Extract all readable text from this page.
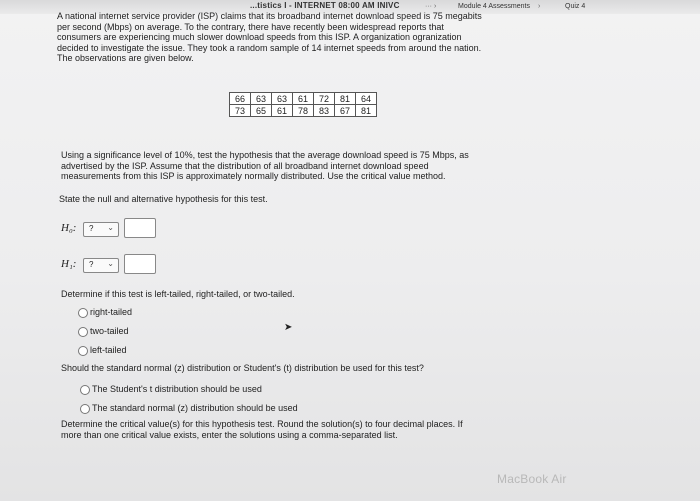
...tistics I - INTERNET 08:00 AM INIVC	··· ›	Module 4 Assessments ›	Quiz 4
A national internet service provider (ISP) claims that its broadband internet download speed is 75 megabits
per second (Mbps) on average. To the contrary, there have recently been widespread reports that
consumers are experiencing much slower download speeds from this ISP. A organization ogranization
decided to investigate the issue. They took a random sample of 14 internet speeds from around the nation.
The observations are given below.
66	63	63	61	72	81	64
73	65	61	78	83	67	81
Using a significance level of 10%, test the hypothesis that the average download speed is 75 Mbps, as
advertised by the ISP. Assume that the distribution of all broadband internet download speed
measurements from this ISP is approximately normally distributed. Use the critical value method.
State the null and alternative hypothesis for this test.
H₀: ? ⌄
H₁: ? ⌄
Determine if this test is left-tailed, right-tailed, or two-tailed.
right-tailed
two-tailed
left-tailed
➤
Should the standard normal (z) distribution or Student's (t) distribution be used for this test?
The Student's t distribution should be used
The standard normal (z) distribution should be used
Determine the critical value(s) for this hypothesis test. Round the solution(s) to four decimal places. If
more than one critical value exists, enter the solutions using a comma-separated list.
MacBook Air
